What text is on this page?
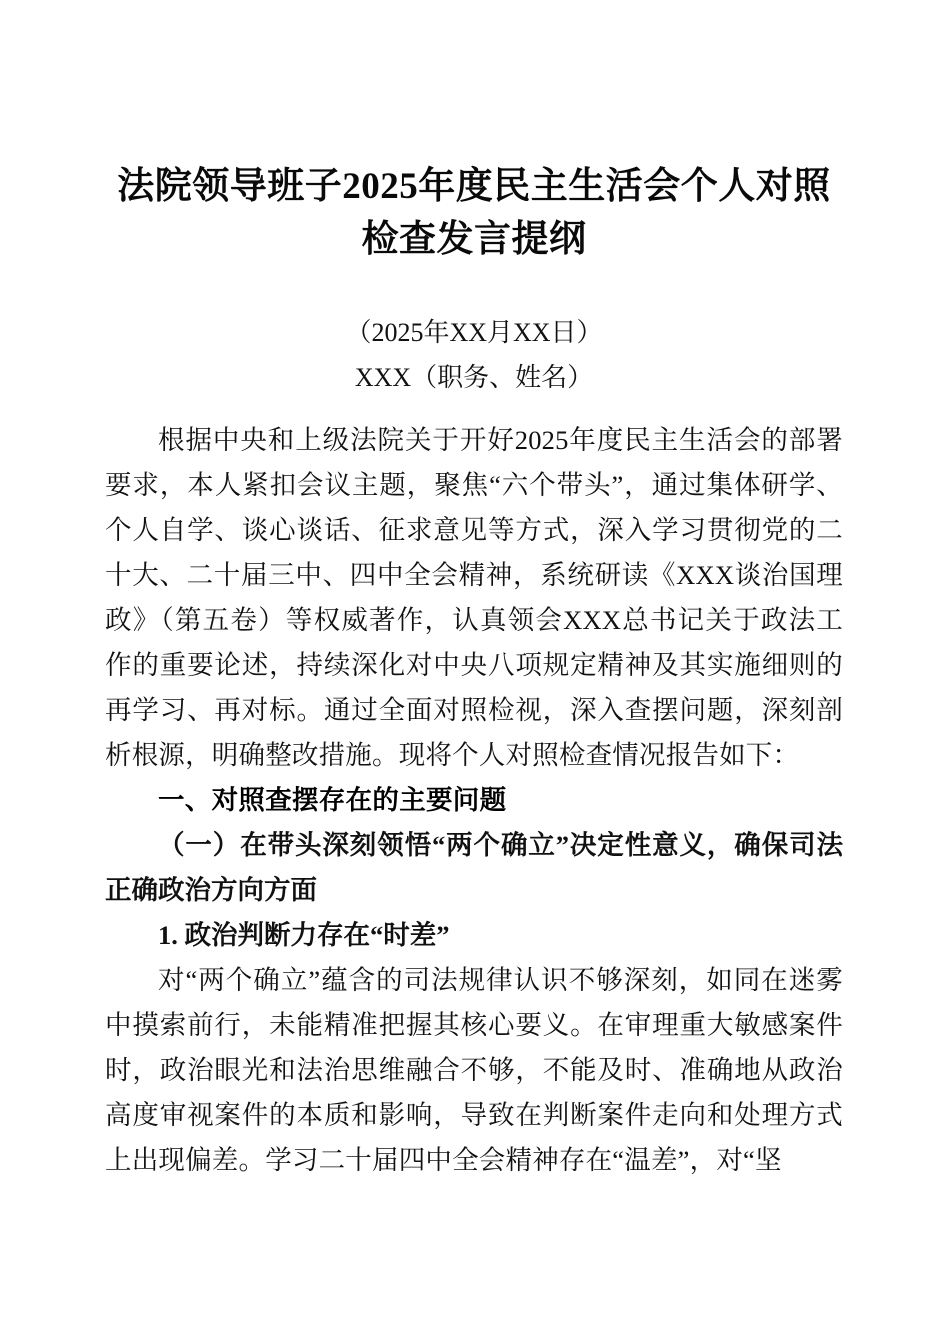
法院领导班子2025年度民主生活会个人对照检查发言提纲
（2025年XX月XX日）
XXX（职务、姓名）

根据中央和上级法院关于开好2025年度民主生活会的部署要求，本人紧扣会议主题，聚焦“六个带头”，通过集体研学、个人自学、谈心谈话、征求意见等方式，深入学习贯彻党的二十大、二十届三中、四中全会精神，系统研读《XXX谈治国理政》（第五卷）等权威著作，认真领会XXX总书记关于政法工作的重要论述，持续深化对中央八项规定精神及其实施细则的再学习、再对标。通过全面对照检视，深入查摆问题，深刻剖析根源，明确整改措施。现将个人对照检查情况报告如下：

一、对照查摆存在的主要问题
（一）在带头深刻领悟“两个确立”决定性意义，确保司法正确政治方向方面
1. 政治判断力存在“时差”

对“两个确立”蕴含的司法规律认识不够深刻，如同在迷雾中摸索前行，未能精准把握其核心要义。在审理重大敏感案件时，政治眼光和法治思维融合不够，不能及时、准确地从政治高度审视案件的本质和影响，导致在判断案件走向和处理方式上出现偏差。学习二十届四中全会精神存在“温差”，对“坚
